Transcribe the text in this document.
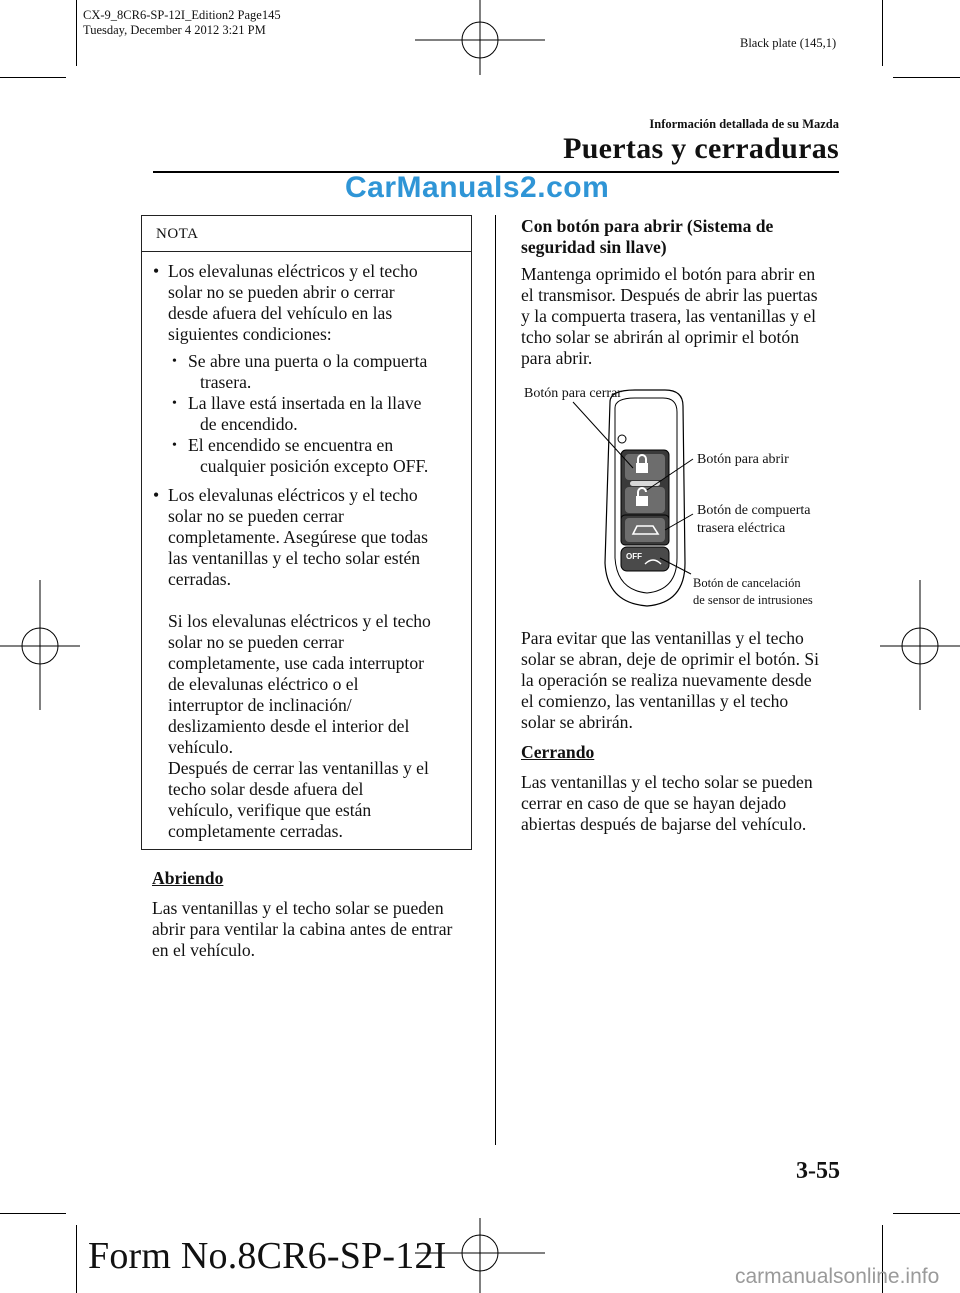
CX-9_8CR6-SP-12I_Edition2 Page145
Tuesday, December 4 2012 3:21 PM
Black plate (145,1)
Información detallada de su Mazda
Puertas y cerraduras
CarManuals2.com
NOTA
• Los elevalunas eléctricos y el techo
solar no se pueden abrir o cerrar
desde afuera del vehículo en las
siguientes condiciones:
• Se abre una puerta o la compuerta
trasera.
• La llave está insertada en la llave
de encendido.
• El encendido se encuentra en
cualquier posición excepto OFF.
• Los elevalunas eléctricos y el techo
solar no se pueden cerrar
completamente. Asegúrese que todas
las ventanillas y el techo solar estén
cerradas.
Si los elevalunas eléctricos y el techo
solar no se pueden cerrar
completamente, use cada interruptor
de elevalunas eléctrico o el
interruptor de inclinación/
deslizamiento desde el interior del
vehículo.
Después de cerrar las ventanillas y el
techo solar desde afuera del
vehículo, verifique que están
completamente cerradas.
Abriendo
Las ventanillas y el techo solar se pueden
abrir para ventilar la cabina antes de entrar
en el vehículo.
Con botón para abrir (Sistema de
seguridad sin llave)
Mantenga oprimido el botón para abrir en
el transmisor. Después de abrir las puertas
y la compuerta trasera, las ventanillas y el
tcho solar se abrirán al oprimir el botón
para abrir.
OFF
Botón para cerrar
Botón para abrir
Botón de compuerta
trasera eléctrica
Botón de cancelación
de sensor de intrusiones
Para evitar que las ventanillas y el techo
solar se abran, deje de oprimir el botón. Si
la operación se realiza nuevamente desde
el comienzo, las ventanillas y el techo
solar se abrirán.
Cerrando
Las ventanillas y el techo solar se pueden
cerrar en caso de que se hayan dejado
abiertas después de bajarse del vehículo.
3-55
Form No.8CR6-SP-12I	carmanualsonline.info
